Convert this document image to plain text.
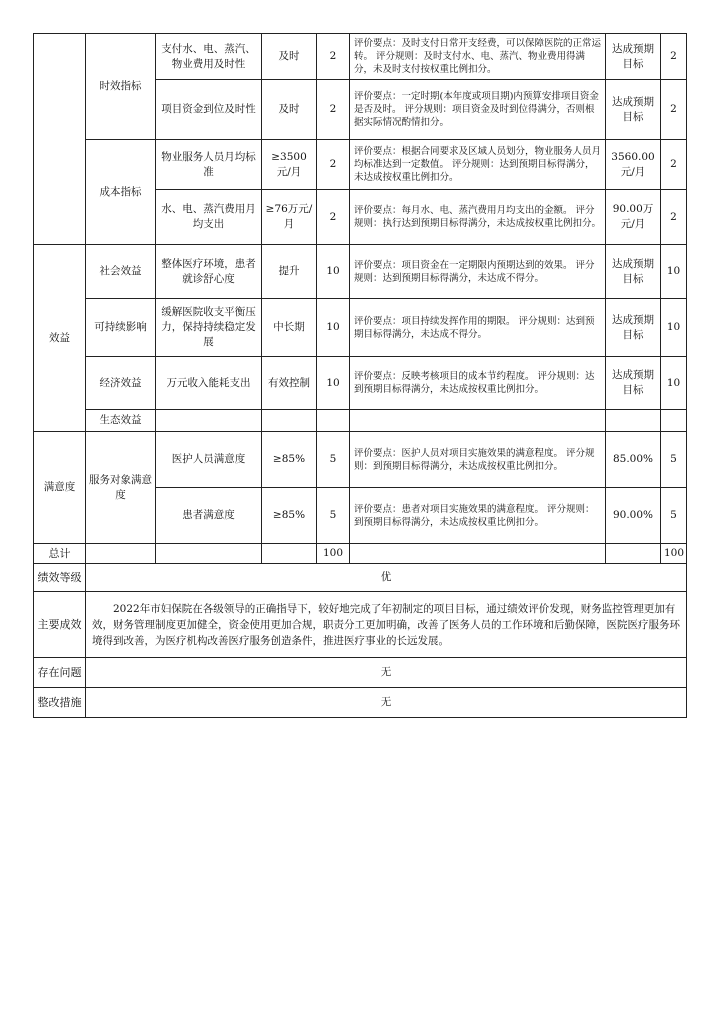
	时效指标	支付水、电、蒸汽、物业费用及时性	及时	2	评价要点：及时支付日常开支经费，可以保障医院的正常运转。 评分规则：及时支付水、电、蒸汽、物业费用得满分，未及时支付按权重比例扣分。	达成预期目标	2
		项目资金到位及时性	及时	2	评价要点：一定时期(本年度或项目期)内预算安排项目资金是否及时。 评分规则：项目资金及时到位得满分，否则根据实际情况酌情扣分。	达成预期目标	2
	成本指标	物业服务人员月均标准	≥3500元/月	2	评价要点：根据合同要求及区域人员划分，物业服务人员月均标准达到一定数值。 评分规则：达到预期目标得满分，未达成按权重比例扣分。	3560.00元/月	2
		水、电、蒸汽费用月均支出	≥76万元/月	2	评价要点：每月水、电、蒸汽费用月均支出的金额。 评分规则：执行达到预期目标得满分，未达成按权重比例扣分。	90.00万元/月	2
效益	社会效益	整体医疗环境，患者就诊舒心度	提升	10	评价要点：项目资金在一定期限内预期达到的效果。 评分规则：达到预期目标得满分，未达成不得分。	达成预期目标	10
	可持续影响	缓解医院收支平衡压力，保持持续稳定发展	中长期	10	评价要点：项目持续发挥作用的期限。 评分规则：达到预期目标得满分，未达成不得分。	达成预期目标	10
	经济效益	万元收入能耗支出	有效控制	10	评价要点：反映考核项目的成本节约程度。 评分规则：达到预期目标得满分，未达成按权重比例扣分。	达成预期目标	10
	生态效益						
满意度	服务对象满意度	医护人员满意度	≥85%	5	评价要点：医护人员对项目实施效果的满意程度。 评分规则：到预期目标得满分，未达成按权重比例扣分。	85.00%	5
		患者满意度	≥85%	5	评价要点：患者对项目实施效果的满意程度。 评分规则：到预期目标得满分，未达成按权重比例扣分。	90.00%	5
总计				100			100
绩效等级	优						
主要成效	2022年市妇保院在各级领导的正确指导下，较好地完成了年初制定的项目目标，通过绩效评价发现，财务监控管理更加有效，财务管理制度更加健全，资金使用更加合规，职责分工更加明确，改善了医务人员的工作环境和后勤保障，医院医疗服务环境得到改善，为医疗机构改善医疗服务创造条件，推进医疗事业的长远发展。						
存在问题	无						
整改措施	无						
